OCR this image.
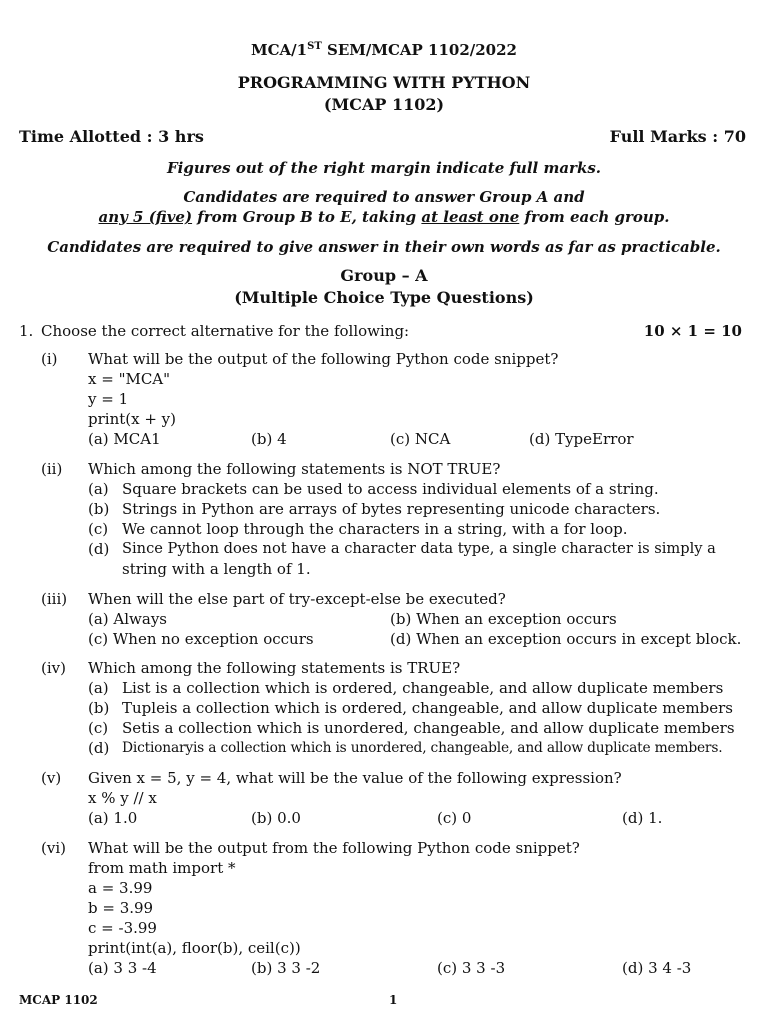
MCA/1ST SEM/MCAP 1102/2022
PROGRAMMING WITH PYTHON
(MCAP 1102)
Time Allotted : 3 hrs	Full Marks : 70
Figures out of the right margin indicate full marks.
Candidates are required to answer Group A and
any 5 (five) from Group B to E, taking at least one from each group.
Candidates are required to give answer in their own words as far as practicable.
Group – A
(Multiple Choice Type Questions)
1. Choose the correct alternative for the following:	10 × 1 = 10
(i) What will be the output of the following Python code snippet?
x = "MCA"
y = 1
print(x + y)
(a) MCA1	(b) 4	(c) NCA	(d) TypeError
(ii) Which among the following statements is NOT TRUE?
(a) Square brackets can be used to access individual elements of a string.
(b) Strings in Python are arrays of bytes representing unicode characters.
(c) We cannot loop through the characters in a string, with a for loop.
(d) Since Python does not have a character data type, a single character is simply a
string with a length of 1.
(iii) When will the else part of try-except-else be executed?
(a) Always	(b) When an exception occurs
(c) When no exception occurs	(d) When an exception occurs in except block.
(iv) Which among the following statements is TRUE?
(a) List is a collection which is ordered, changeable, and allow duplicate members
(b) Tupleis a collection which is ordered, changeable, and allow duplicate members
(c) Setis a collection which is unordered, changeable, and allow duplicate members
(d) Dictionaryis a collection which is unordered, changeable, and allow duplicate members.
(v) Given x = 5, y = 4, what will be the value of the following expression?
x % y // x
(a) 1.0	(b) 0.0	(c) 0	(d) 1.
(vi) What will be the output from the following Python code snippet?
from math import *
a = 3.99
b = 3.99
c = -3.99
print(int(a), floor(b), ceil(c))
(a) 3 3 -4	(b) 3 3 -2	(c) 3 3 -3	(d) 3 4 -3
MCAP 1102	1
